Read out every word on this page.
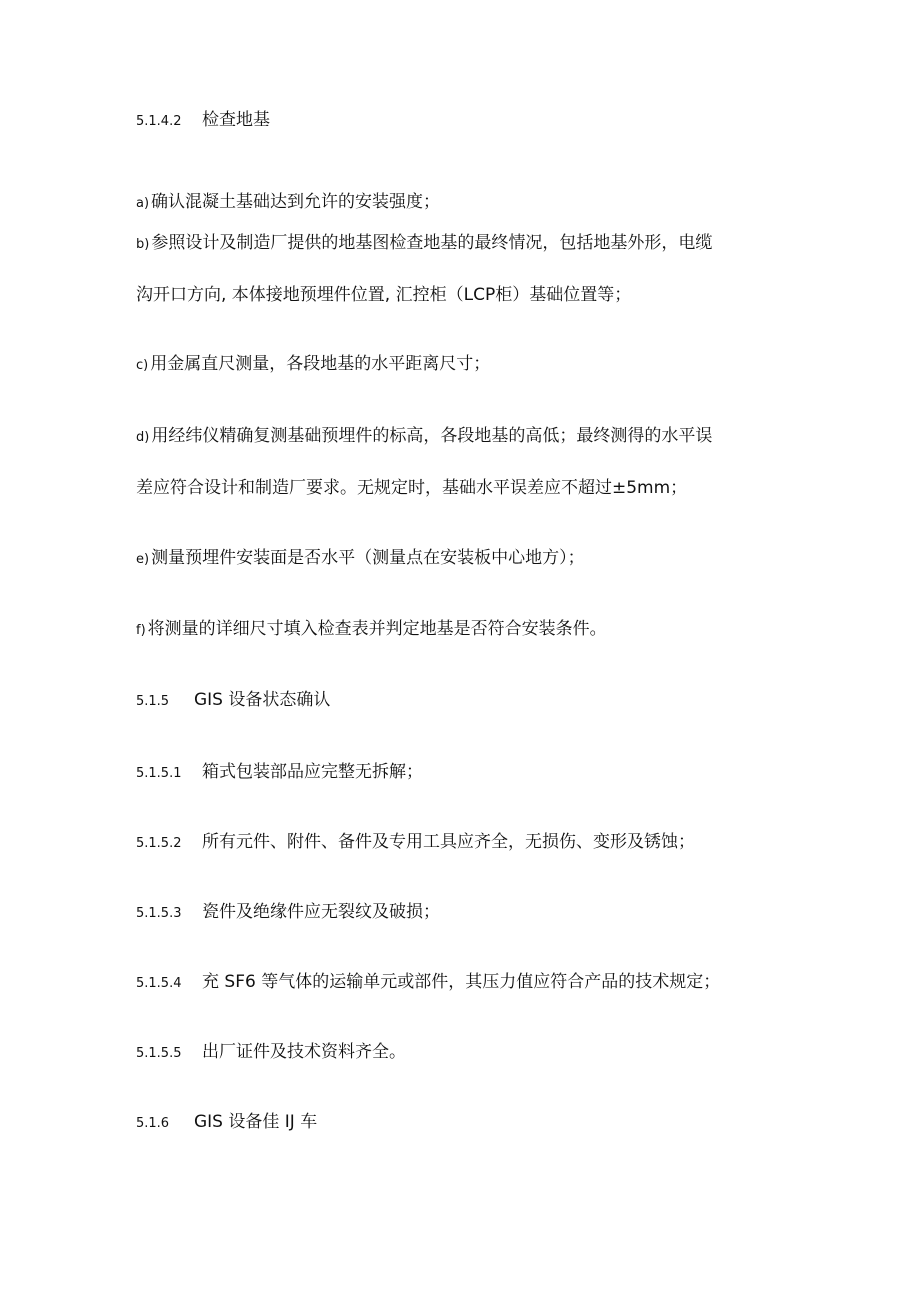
5.1.4.2 检查地基
a) 确认混凝土基础达到允许的安装强度；
b) 参照设计及制造厂提供的地基图检查地基的最终情况，包括地基外形，电缆
沟开口方向, 本体接地预埋件位置, 汇控柜（LCP柜）基础位置等；
c) 用金属直尺测量，各段地基的水平距离尺寸；
d) 用经纬仪精确复测基础预埋件的标高，各段地基的高低；最终测得的水平误
差应符合设计和制造厂要求。无规定时，基础水平误差应不超过±5mm；
e) 测量预埋件安装面是否水平（测量点在安装板中心地方）；
f) 将测量的详细尺寸填入检查表并判定地基是否符合安装条件。
5.1.5 GIS 设备状态确认
5.1.5.1 箱式包装部品应完整无拆解；
5.1.5.2 所有元件、附件、备件及专用工具应齐全，无损伤、变形及锈蚀；
5.1.5.3 瓷件及绝缘件应无裂纹及破损；
5.1.5.4 充 SF6 等气体的运输单元或部件，其压力值应符合产品的技术规定；
5.1.5.5 出厂证件及技术资料齐全。
5.1.6 GIS 设备佳 IJ 车
